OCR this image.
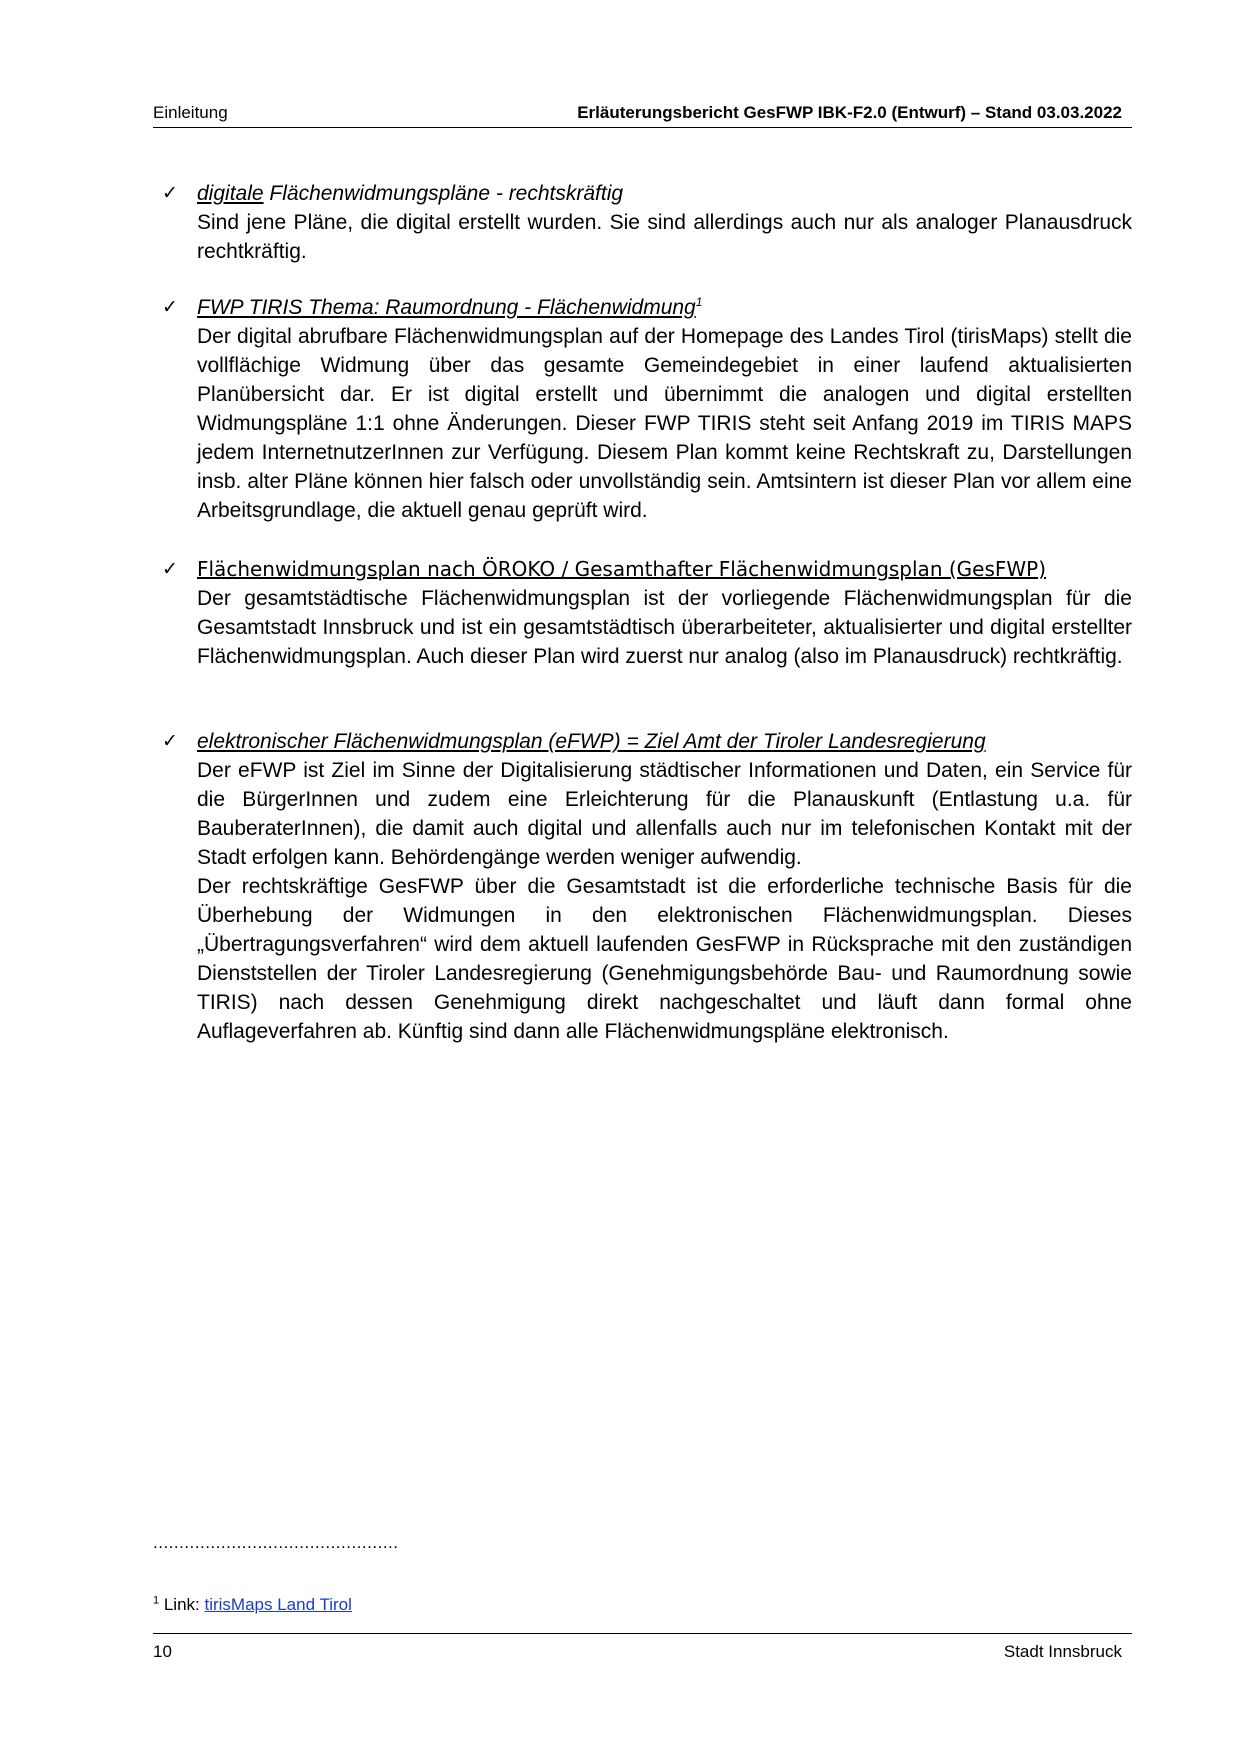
Einleitung	Erläuterungsbericht GesFWP IBK-F2.0 (Entwurf) – Stand 03.03.2022
✓ digitale Flächenwidmungspläne - rechtskräftig
Sind jene Pläne, die digital erstellt wurden. Sie sind allerdings auch nur als analoger Planausdruck rechtkräftig.
✓ FWP TIRIS Thema: Raumordnung - Flächenwidmung$^1$
Der digital abrufbare Flächenwidmungsplan auf der Homepage des Landes Tirol (tirisMaps) stellt die vollflächige Widmung über das gesamte Gemeindegebiet in einer laufend aktualisierten Planübersicht dar. Er ist digital erstellt und übernimmt die analogen und digital erstellten Widmungspläne 1:1 ohne Änderungen. Dieser FWP TIRIS steht seit Anfang 2019 im TIRIS MAPS jedem InternetnutzerInnen zur Verfügung. Diesem Plan kommt keine Rechtskraft zu, Darstellungen insb. alter Pläne können hier falsch oder unvollständig sein. Amtsintern ist dieser Plan vor allem eine Arbeitsgrundlage, die aktuell genau geprüft wird.
✓ Flächenwidmungsplan nach ÖROKO / Gesamthafter Flächenwidmungsplan (GesFWP)
Der gesamtstädtische Flächenwidmungsplan ist der vorliegende Flächenwidmungsplan für die Gesamtstadt Innsbruck und ist ein gesamtstädtisch überarbeiteter, aktualisierter und digital erstellter Flächenwidmungsplan. Auch dieser Plan wird zuerst nur analog (also im Planausdruck) rechtkräftig.
✓ elektronischer Flächenwidmungsplan (eFWP) = Ziel Amt der Tiroler Landesregierung
Der eFWP ist Ziel im Sinne der Digitalisierung städtischer Informationen und Daten, ein Service für die BürgerInnen und zudem eine Erleichterung für die Planauskunft (Entlastung u.a. für BauberaterInnen), die damit auch digital und allenfalls auch nur im telefonischen Kontakt mit der Stadt erfolgen kann. Behördengänge werden weniger aufwendig.
Der rechtskräftige GesFWP über die Gesamtstadt ist die erforderliche technische Basis für die Überhebung der Widmungen in den elektronischen Flächenwidmungsplan. Dieses „Übertragungsverfahren“ wird dem aktuell laufenden GesFWP in Rücksprache mit den zuständigen Dienststellen der Tiroler Landesregierung (Genehmigungsbehörde Bau- und Raumordnung sowie TIRIS) nach dessen Genehmigung direkt nachgeschaltet und läuft dann formal ohne Auflageverfahren ab. Künftig sind dann alle Flächenwidmungspläne elektronisch.
...............................................
$^1$ Link: tirisMaps Land Tirol
10	Stadt Innsbruck
